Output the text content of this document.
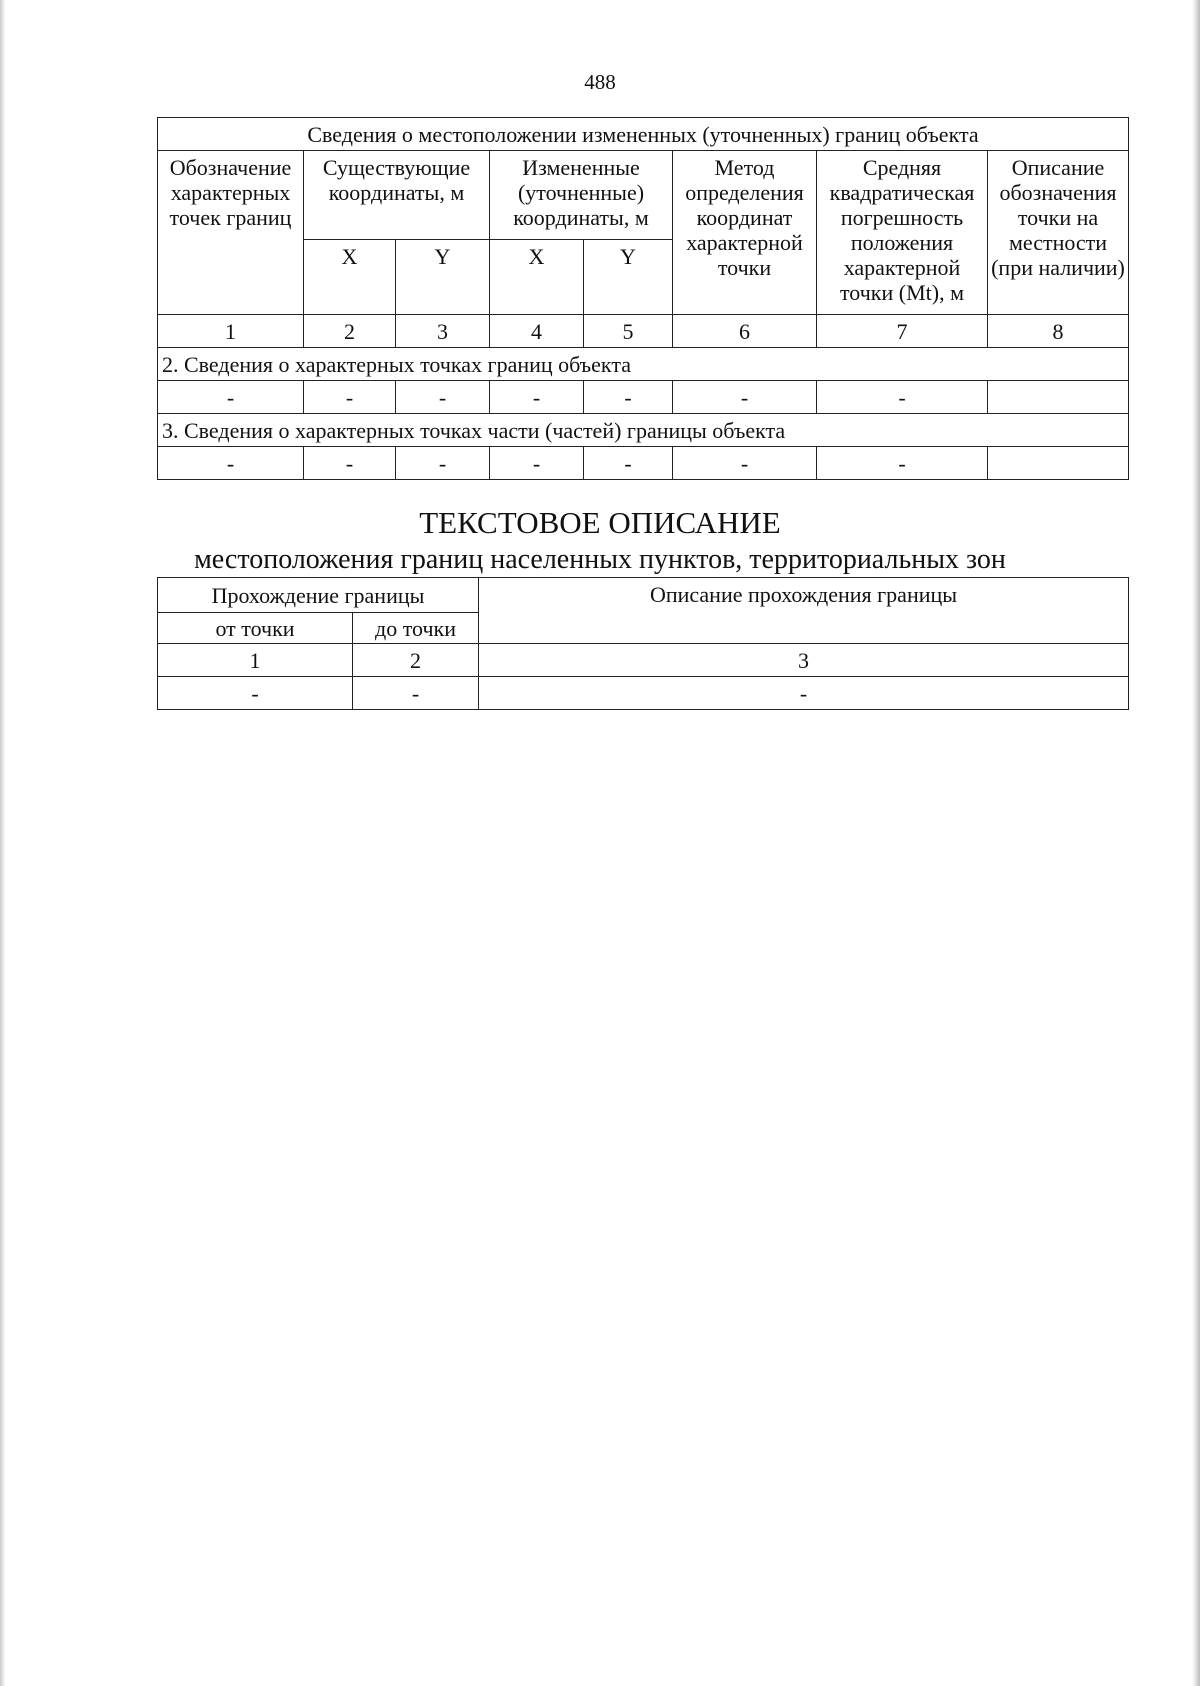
488
Сведения о местоположении измененных (уточненных) границ объекта							
Обозначение характерных точек границ	Существующие координаты, м		Измененные (уточненные) координаты, м		Метод определения координат характерной точки	Средняя квадратическая погрешность положения характерной точки (Mt), м	Описание обозначения точки на местности (при наличии)
	X	Y	X	Y			
1	2	3	4	5	6	7	8
2. Сведения о характерных точках границ объекта							
-	-	-	-	-	-	-	
3. Сведения о характерных точках части (частей) границы объекта							
-	-	-	-	-	-	-	
ТЕКСТОВОЕ ОПИСАНИЕ
местоположения границ населенных пунктов, территориальных зон
Прохождение границы		Описание прохождения границы
от точки	до точки	
1	2	3
-	-	-
